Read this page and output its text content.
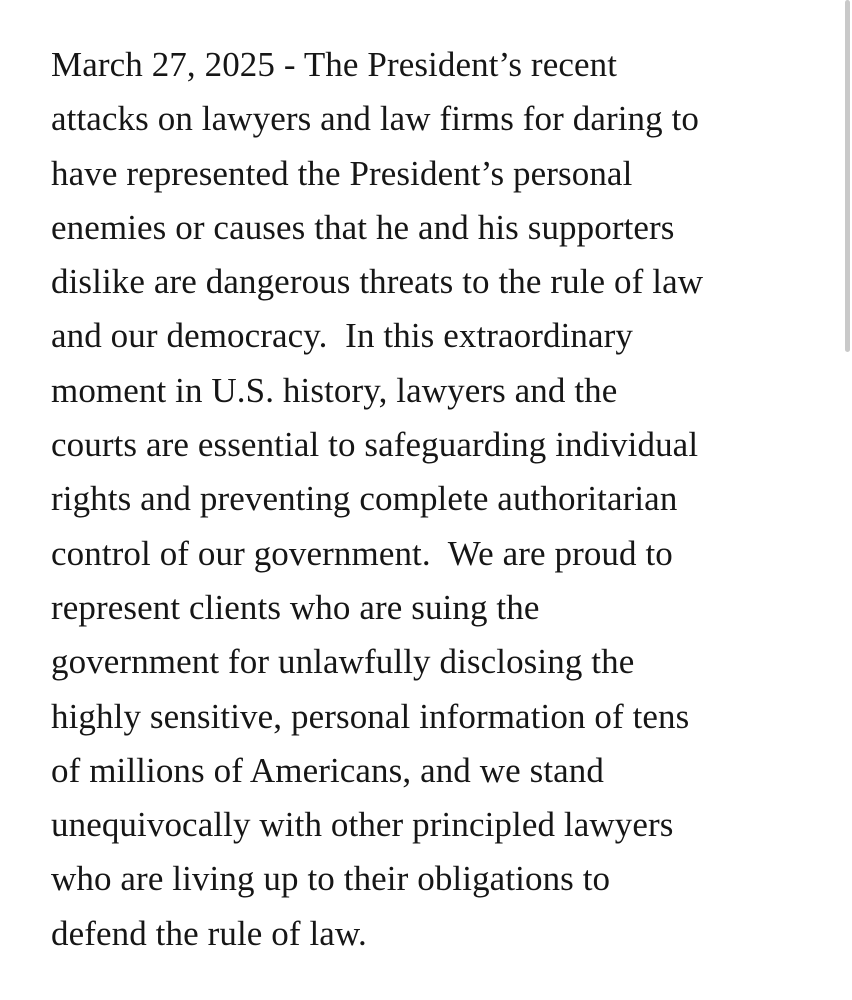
March 27, 2025 - The President’s recent
attacks on lawyers and law firms for daring to
have represented the President’s personal
enemies or causes that he and his supporters
dislike are dangerous threats to the rule of law
and our democracy.  In this extraordinary
moment in U.S. history, lawyers and the
courts are essential to safeguarding individual
rights and preventing complete authoritarian
control of our government.  We are proud to
represent clients who are suing the
government for unlawfully disclosing the
highly sensitive, personal information of tens
of millions of Americans, and we stand
unequivocally with other principled lawyers
who are living up to their obligations to
defend the rule of law.
